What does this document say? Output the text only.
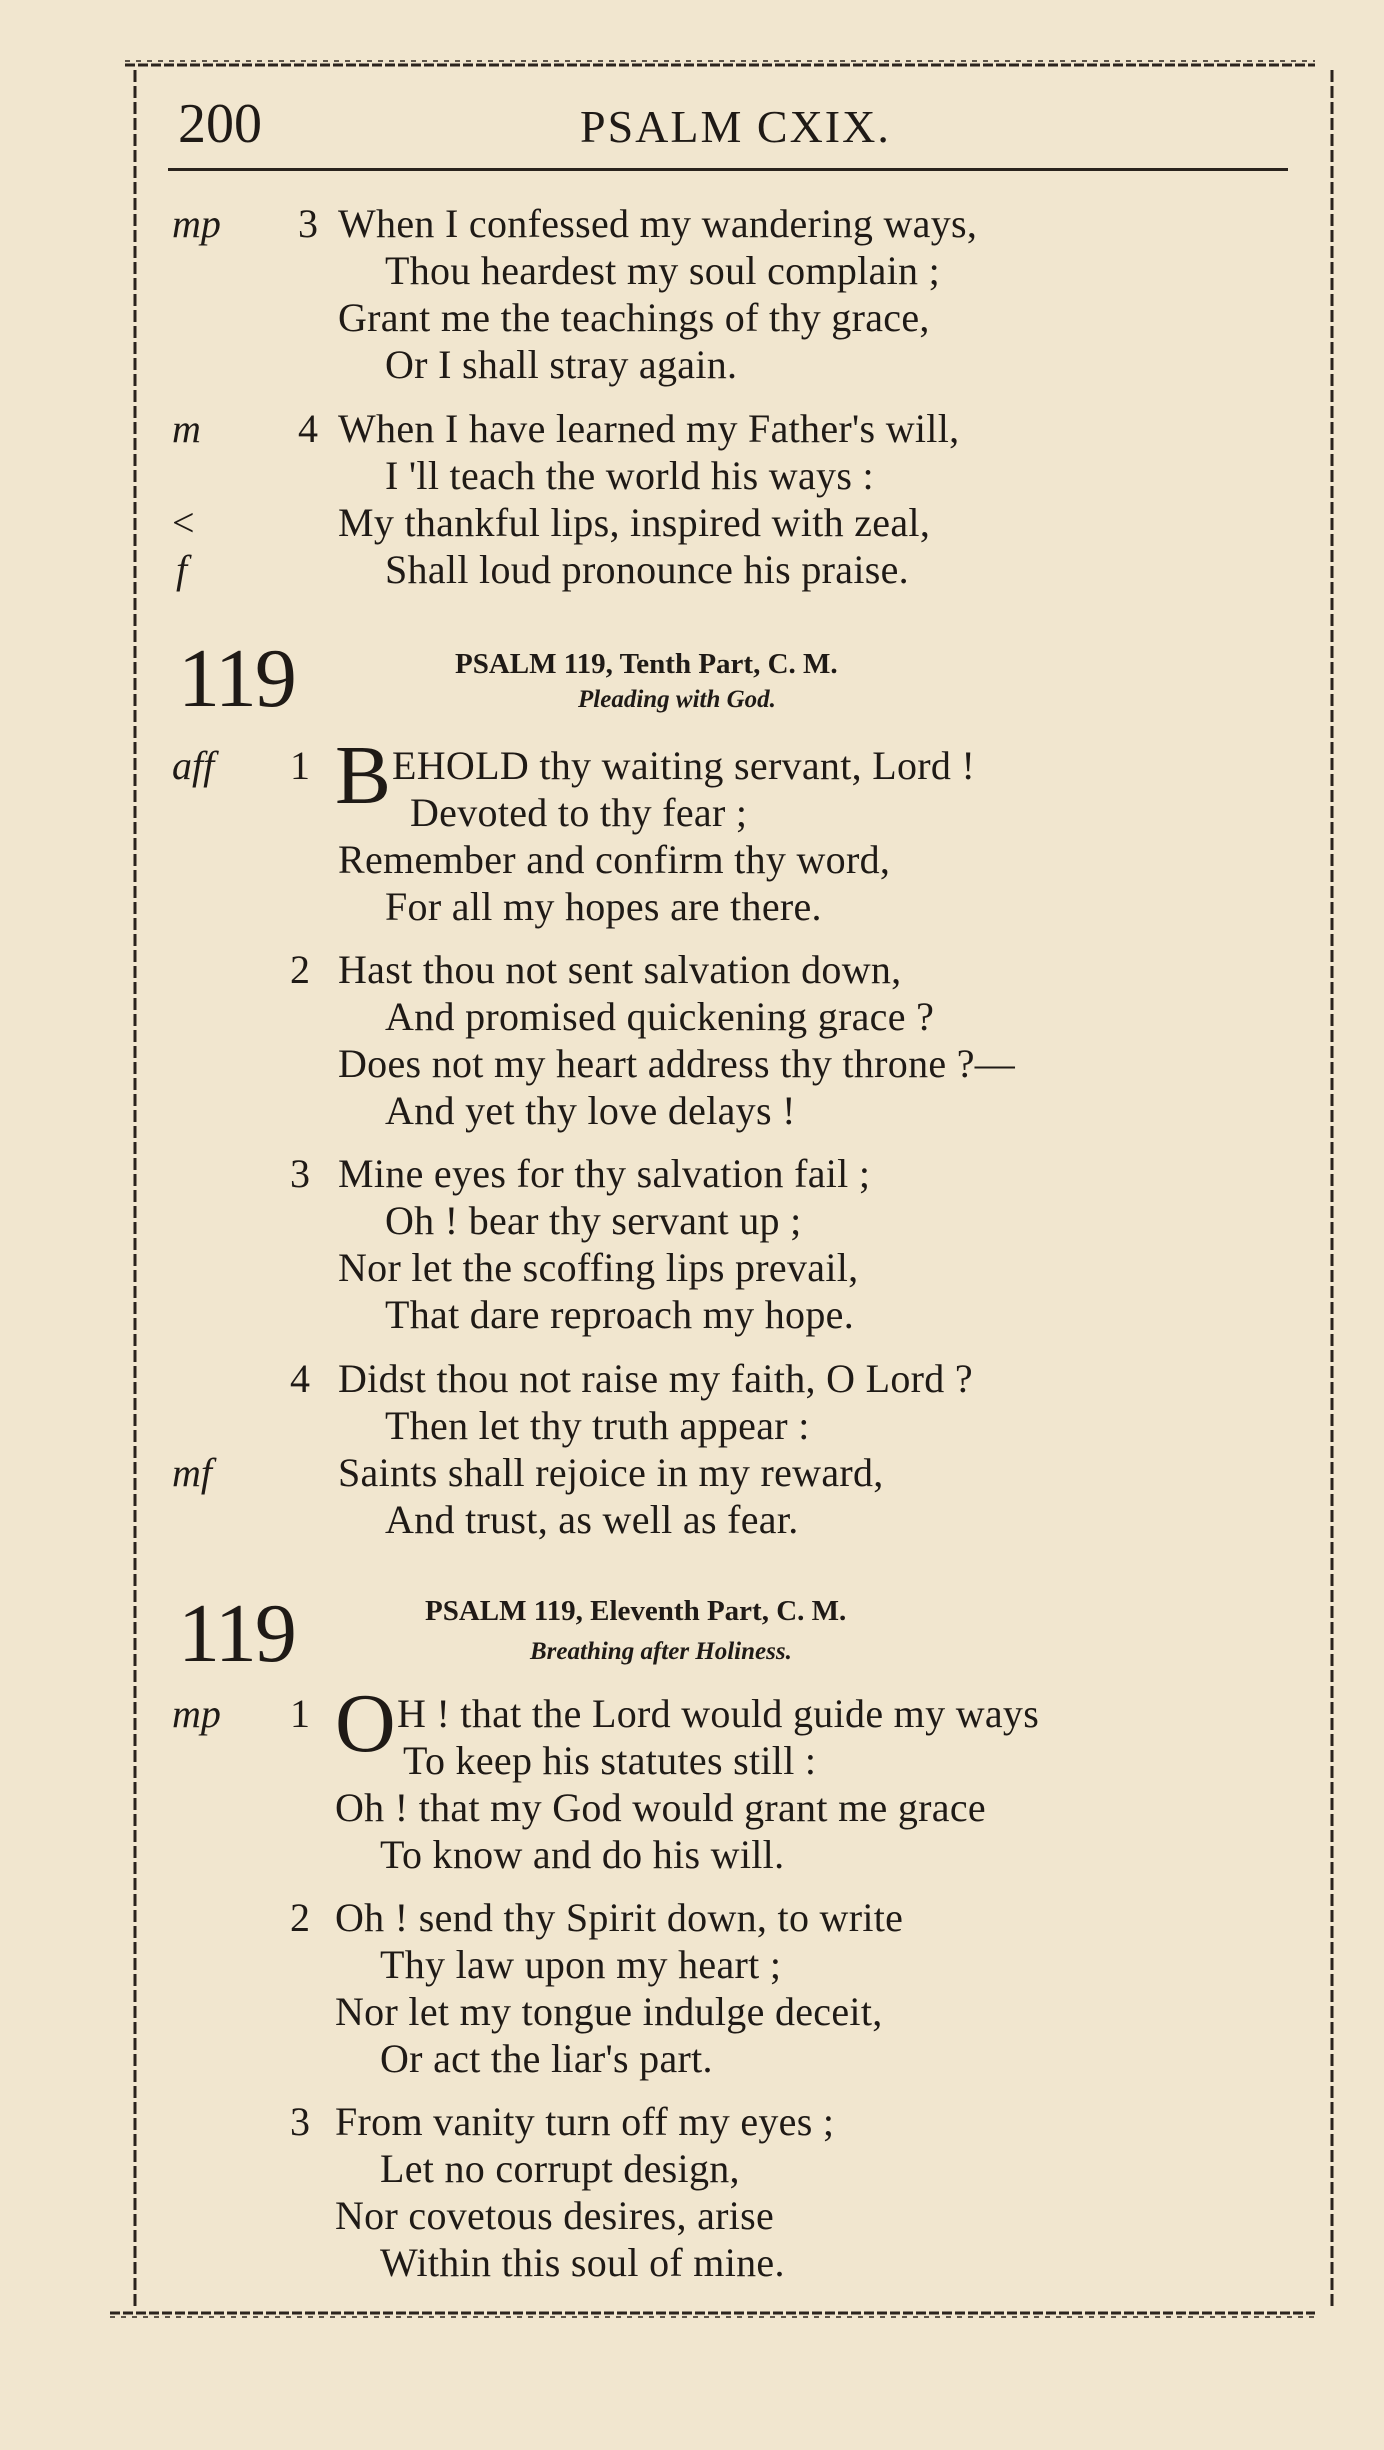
200	PSALM CXIX.
mp	3 When I confessed my wandering ways,
Thou heardest my soul complain ;
Grant me the teachings of thy grace,
Or I shall stray again.
m	4 When I have learned my Father's will,
I 'll teach the world his ways :
<	My thankful lips, inspired with zeal,
f	Shall loud pronounce his praise.
119	PSALM 119, Tenth Part, C. M.
Pleading with God.
aff	1 B EHOLD thy waiting servant, Lord !
Devoted to thy fear ;
Remember and confirm thy word,
For all my hopes are there.
2 Hast thou not sent salvation down,
And promised quickening grace ?
Does not my heart address thy throne ?—
And yet thy love delays !
3 Mine eyes for thy salvation fail ;
Oh ! bear thy servant up ;
Nor let the scoffing lips prevail,
That dare reproach my hope.
4 Didst thou not raise my faith, O Lord ?
Then let thy truth appear :
mf	Saints shall rejoice in my reward,
And trust, as well as fear.
119	PSALM 119, Eleventh Part, C. M.
Breathing after Holiness.
mp	1 O H ! that the Lord would guide my ways
To keep his statutes still :
Oh ! that my God would grant me grace
To know and do his will.
2 Oh ! send thy Spirit down, to write
Thy law upon my heart ;
Nor let my tongue indulge deceit,
Or act the liar's part.
3 From vanity turn off my eyes ;
Let no corrupt design,
Nor covetous desires, arise
Within this soul of mine.
